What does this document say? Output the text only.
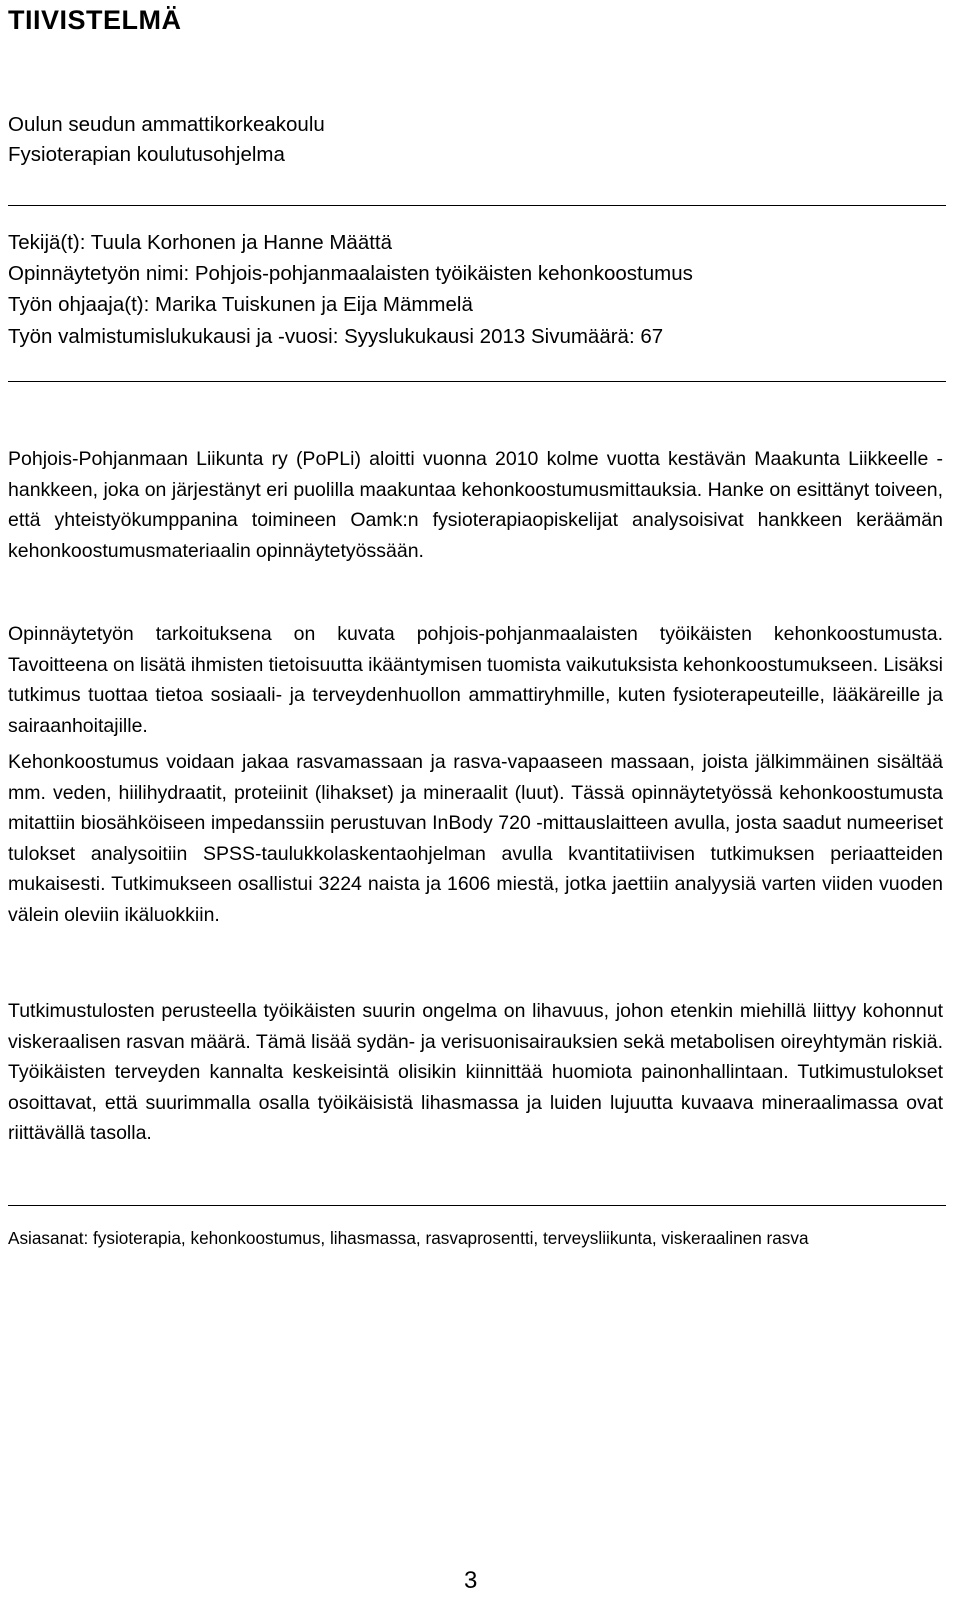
TIIVISTELMÄ
Oulun seudun ammattikorkeakoulu
Fysioterapian koulutusohjelma
Tekijä(t): Tuula Korhonen ja Hanne Määttä
Opinnäytetyön nimi: Pohjois-pohjanmaalaisten työikäisten kehonkoostumus
Työn ohjaaja(t): Marika Tuiskunen ja Eija Mämmelä
Työn valmistumislukukausi ja -vuosi: Syyslukukausi 2013 Sivumäärä: 67

Pohjois-Pohjanmaan Liikunta ry (PoPLi) aloitti vuonna 2010 kolme vuotta kestävän Maakunta Liikkeelle -hankkeen, joka on järjestänyt eri puolilla maakuntaa kehonkoostumusmittauksia. Hanke on esittänyt toiveen, että yhteistyökumppanina toimineen Oamk:n fysioterapiaopiskelijat analysoisivat hankkeen keräämän kehonkoostumusmateriaalin opinnäytetyössään.

Opinnäytetyön tarkoituksena on kuvata pohjois-pohjanmaalaisten työikäisten kehonkoostumusta. Tavoitteena on lisätä ihmisten tietoisuutta ikääntymisen tuomista vaikutuksista kehonkoostumukseen. Lisäksi tutkimus tuottaa tietoa sosiaali- ja terveydenhuollon ammattiryhmille, kuten fysioterapeuteille, lääkäreille ja sairaanhoitajille.

Kehonkoostumus voidaan jakaa rasvamassaan ja rasva-vapaaseen massaan, joista jälkimmäinen sisältää mm. veden, hiilihydraatit, proteiinit (lihakset) ja mineraalit (luut). Tässä opinnäytetyössä kehonkoostumusta mitattiin biosähköiseen impedanssiin perustuvan InBody 720 -mittauslaitteen avulla, josta saadut numeeriset tulokset analysoitiin SPSS-taulukkolaskentaohjelman avulla kvantitatiivisen tutkimuksen periaatteiden mukaisesti. Tutkimukseen osallistui 3224 naista ja 1606 miestä, jotka jaettiin analyysiä varten viiden vuoden välein oleviin ikäluokkiin.

Tutkimustulosten perusteella työikäisten suurin ongelma on lihavuus, johon etenkin miehillä liittyy kohonnut viskeraalisen rasvan määrä. Tämä lisää sydän- ja verisuonisairauksien sekä metabolisen oireyhtymän riskiä. Työikäisten terveyden kannalta keskeisintä olisikin kiinnittää huomiota painonhallintaan. Tutkimustulokset osoittavat, että suurimmalla osalla työikäisistä lihasmassa ja luiden lujuutta kuvaava mineraalimassa ovat riittävällä tasolla.

Asiasanat: fysioterapia, kehonkoostumus, lihasmassa, rasvaprosentti, terveysliikunta, viskeraalinen rasva
3
